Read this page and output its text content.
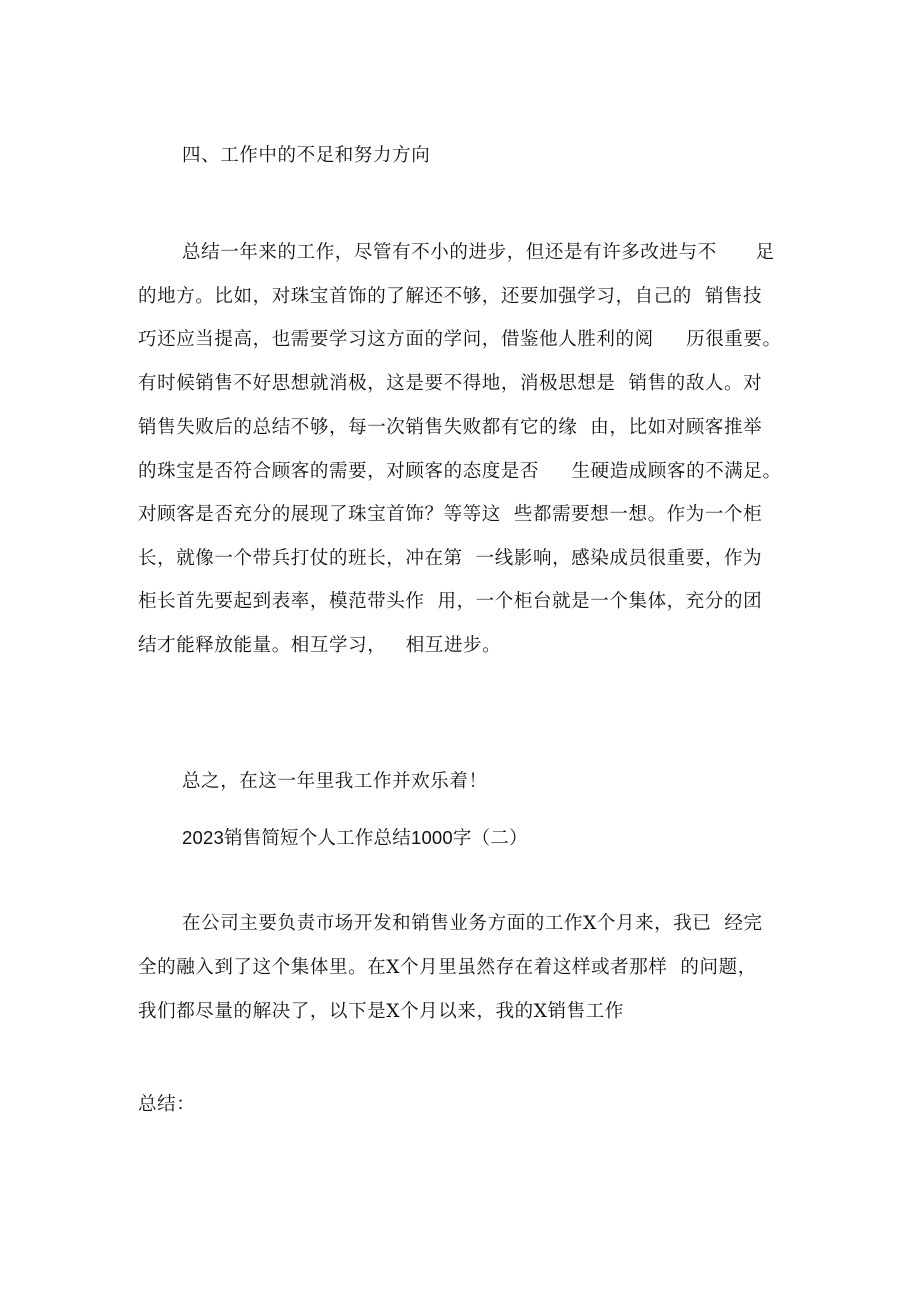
四、工作中的不足和努力方向
总结一年来的工作，尽管有不小的进步，但还是有许多改进与不      足
的地方。比如，对珠宝首饰的了解还不够，还要加强学习，自己的  销售技
巧还应当提高，也需要学习这方面的学问，借鉴他人胜利的阅     历很重要。
有时候销售不好思想就消极，这是要不得地，消极思想是  销售的敌人。对
销售失败后的总结不够，每一次销售失败都有它的缘  由，比如对顾客推举
的珠宝是否符合顾客的需要，对顾客的态度是否     生硬造成顾客的不满足。
对顾客是否充分的展现了珠宝首饰？等等这  些都需要想一想。作为一个柜
长，就像一个带兵打仗的班长，冲在第  一线影响，感染成员很重要，作为
柜长首先要起到表率，模范带头作  用，一个柜台就是一个集体，充分的团
结才能释放能量。相互学习，   相互进步。
总之，在这一年里我工作并欢乐着！
2023销售简短个人工作总结1000字（二）
在公司主要负责市场开发和销售业务方面的工作X个月来，我已  经完
全的融入到了这个集体里。在X个月里虽然存在着这样或者那样  的问题，
我们都尽量的解决了，以下是X个月以来，我的X销售工作
总结：
